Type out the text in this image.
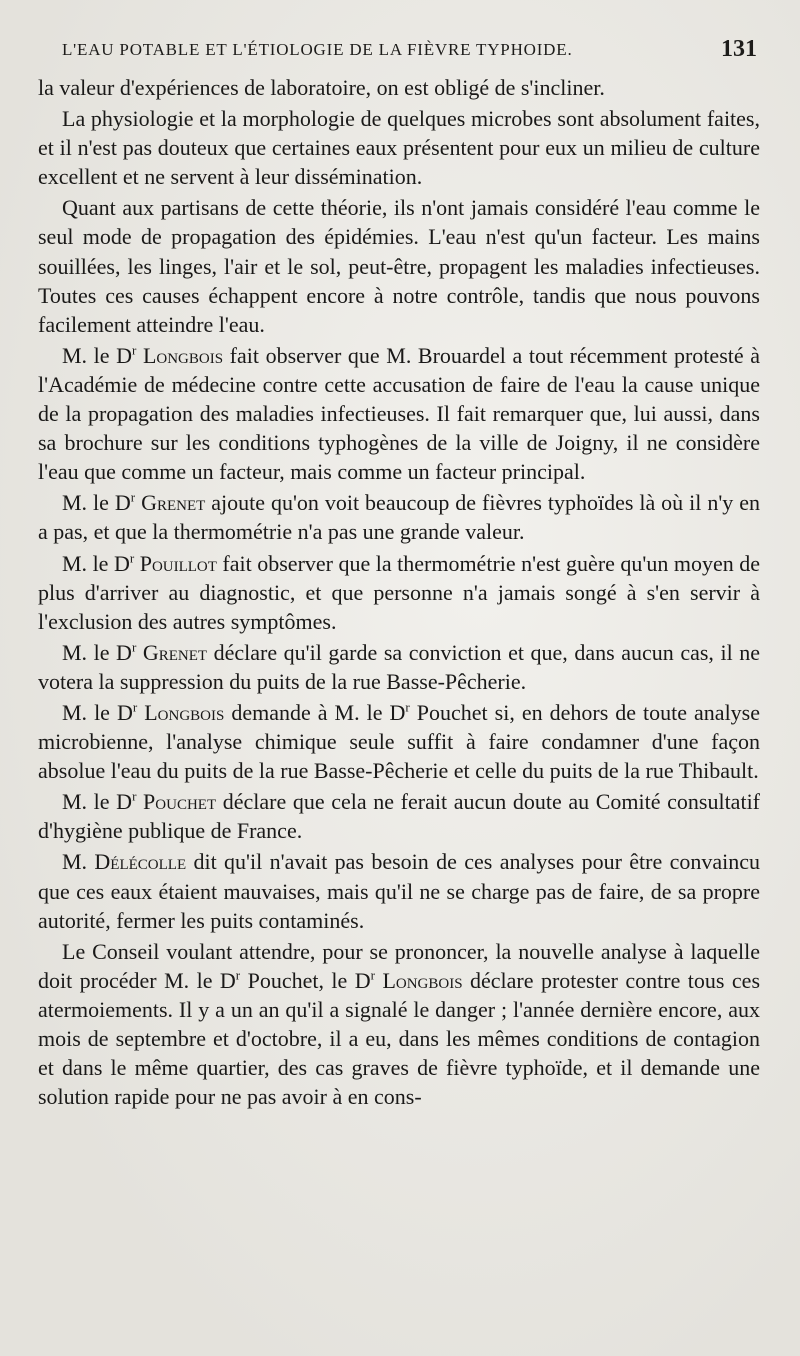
L'EAU POTABLE ET L'ÉTIOLOGIE DE LA FIÈVRE TYPHOIDE.	131

la valeur d'expériences de laboratoire, on est obligé de s'incliner.

La physiologie et la morphologie de quelques microbes sont absolument faites, et il n'est pas douteux que certaines eaux présentent pour eux un milieu de culture excellent et ne servent à leur dissémination.

Quant aux partisans de cette théorie, ils n'ont jamais considéré l'eau comme le seul mode de propagation des épidémies. L'eau n'est qu'un facteur. Les mains souillées, les linges, l'air et le sol, peut-être, propagent les maladies infectieuses. Toutes ces causes échappent encore à notre contrôle, tandis que nous pouvons facilement atteindre l'eau.

M. le $D^r$ Longbois fait observer que M. Brouardel a tout récemment protesté à l'Académie de médecine contre cette accusation de faire de l'eau la cause unique de la propagation des maladies infectieuses. Il fait remarquer que, lui aussi, dans sa brochure sur les conditions typhogènes de la ville de Joigny, il ne considère l'eau que comme un facteur, mais comme un facteur principal.

M. le $D^r$ Grenet ajoute qu'on voit beaucoup de fièvres typhoïdes là où il n'y en a pas, et que la thermométrie n'a pas une grande valeur.

M. le $D^r$ Pouillot fait observer que la thermométrie n'est guère qu'un moyen de plus d'arriver au diagnostic, et que personne n'a jamais songé à s'en servir à l'exclusion des autres symptômes.

M. le $D^r$ Grenet déclare qu'il garde sa conviction et que, dans aucun cas, il ne votera la suppression du puits de la rue Basse-Pêcherie.

M. le $D^r$ Longbois demande à M. le $D^r$ Pouchet si, en dehors de toute analyse microbienne, l'analyse chimique seule suffit à faire condamner d'une façon absolue l'eau du puits de la rue Basse-Pêcherie et celle du puits de la rue Thibault.

M. le $D^r$ Pouchet déclare que cela ne ferait aucun doute au Comité consultatif d'hygiène publique de France.

M. Délécolle dit qu'il n'avait pas besoin de ces analyses pour être convaincu que ces eaux étaient mauvaises, mais qu'il ne se charge pas de faire, de sa propre autorité, fermer les puits contaminés.

Le Conseil voulant attendre, pour se prononcer, la nouvelle analyse à laquelle doit procéder M. le $D^r$ Pouchet, le $D^r$ Longbois déclare protester contre tous ces atermoiements. Il y a un an qu'il a signalé le danger ; l'année dernière encore, aux mois de septembre et d'octobre, il a eu, dans les mêmes conditions de contagion et dans le même quartier, des cas graves de fièvre typhoïde, et il demande une solution rapide pour ne pas avoir à en cons-
